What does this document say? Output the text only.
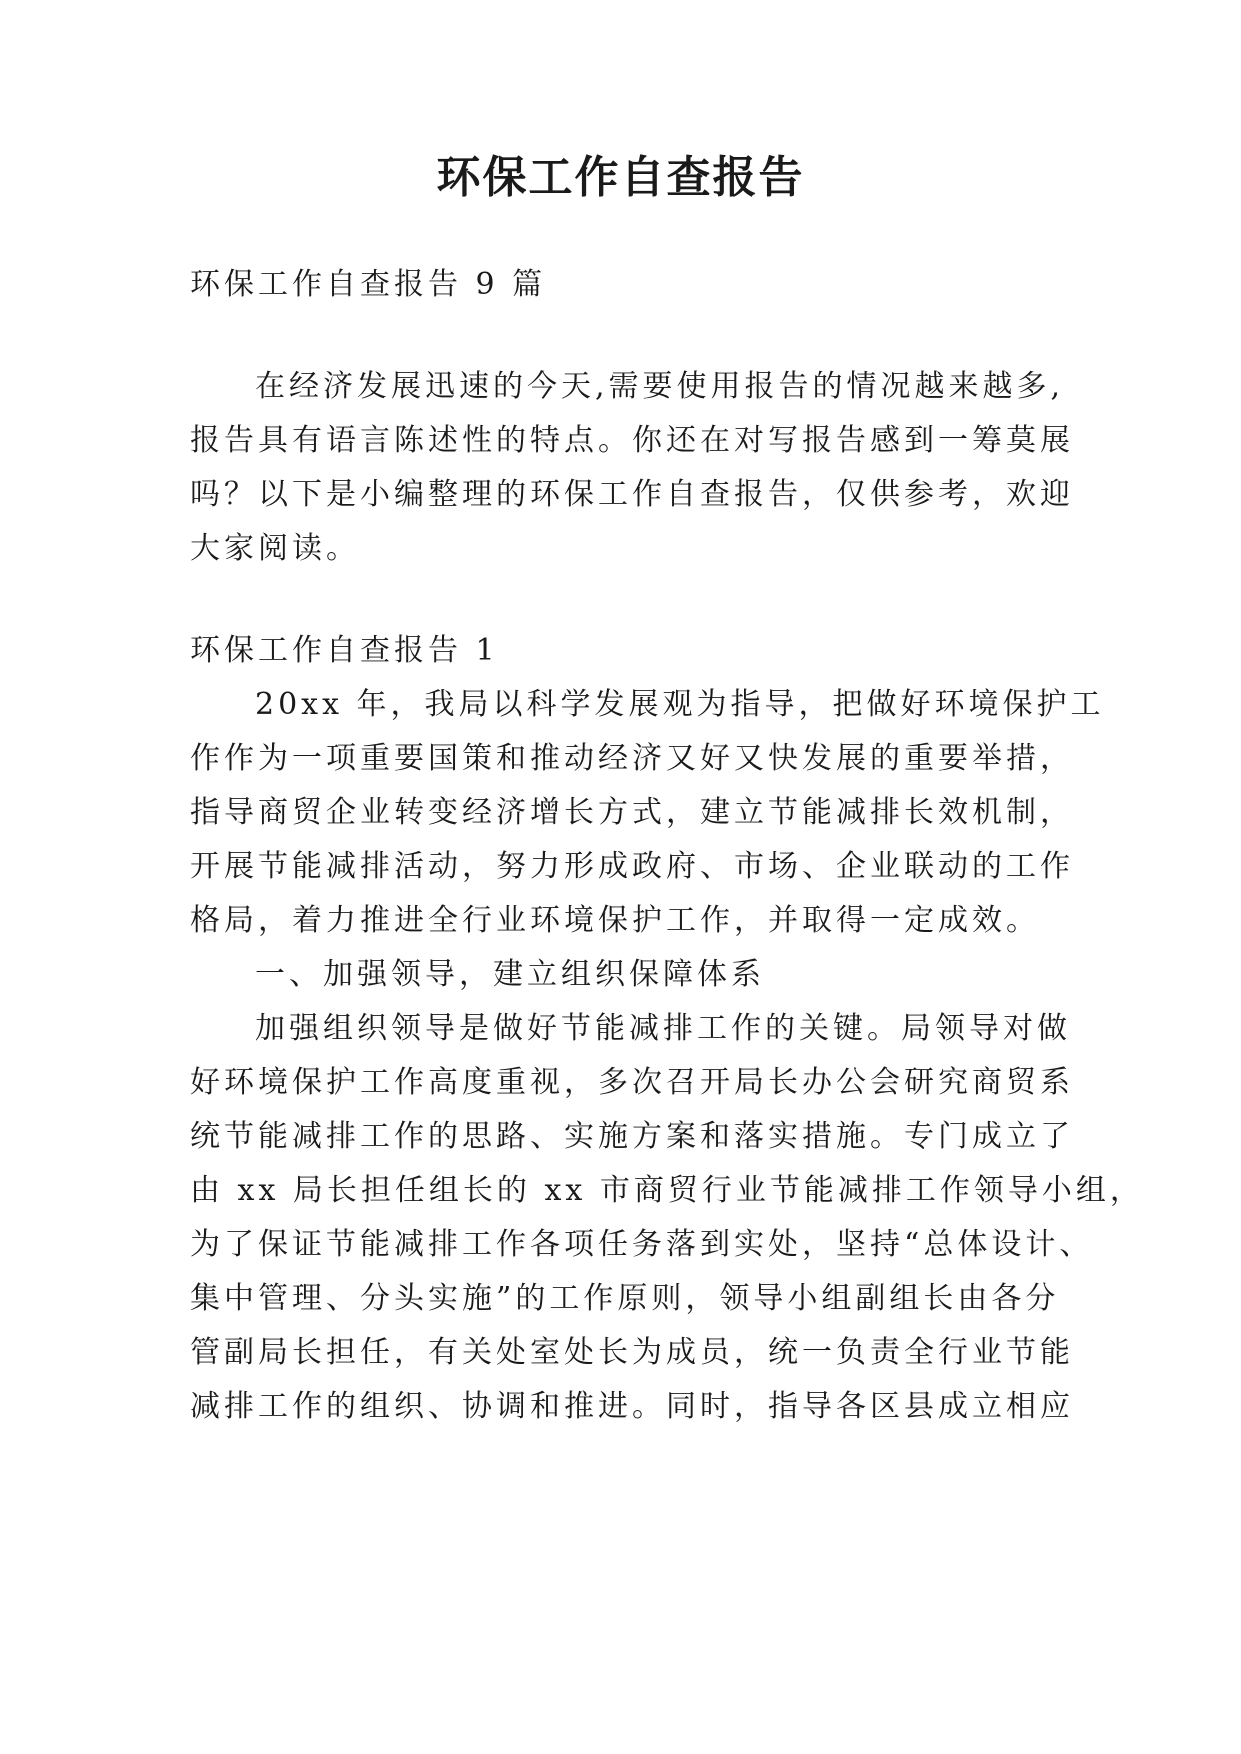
环保工作自查报告

环保工作自查报告 9 篇

在经济发展迅速的今天,需要使用报告的情况越来越多,

报告具有语言陈述性的特点。你还在对写报告感到一筹莫展

吗？以下是小编整理的环保工作自查报告，仅供参考，欢迎

大家阅读。

环保工作自查报告 1

20xx 年，我局以科学发展观为指导，把做好环境保护工

作作为一项重要国策和推动经济又好又快发展的重要举措，

指导商贸企业转变经济增长方式，建立节能减排长效机制，

开展节能减排活动，努力形成政府、市场、企业联动的工作

格局，着力推进全行业环境保护工作，并取得一定成效。

一、加强领导，建立组织保障体系

加强组织领导是做好节能减排工作的关键。局领导对做

好环境保护工作高度重视，多次召开局长办公会研究商贸系

统节能减排工作的思路、实施方案和落实措施。专门成立了

由 xx 局长担任组长的 xx 市商贸行业节能减排工作领导小组，

为了保证节能减排工作各项任务落到实处，坚持“总体设计、

集中管理、分头实施”的工作原则，领导小组副组长由各分

管副局长担任，有关处室处长为成员，统一负责全行业节能

减排工作的组织、协调和推进。同时，指导各区县成立相应
